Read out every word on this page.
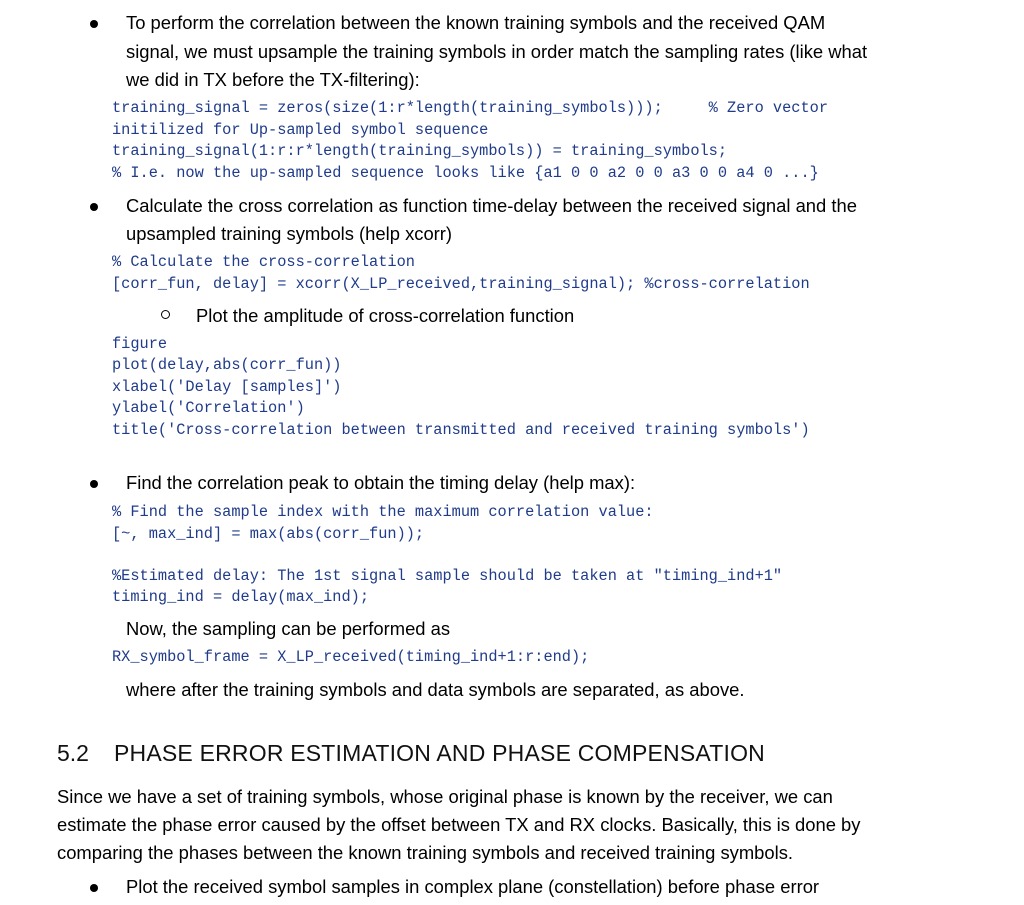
To perform the correlation between the known training symbols and the received QAM
signal, we must upsample the training symbols in order match the sampling rates (like what
we did in TX before the TX-filtering):
training_signal = zeros(size(1:r*length(training_symbols)));     % Zero vector
initilized for Up-sampled symbol sequence
training_signal(1:r:r*length(training_symbols)) = training_symbols;
% I.e. now the up-sampled sequence looks like {a1 0 0 a2 0 0 a3 0 0 a4 0 ...}
Calculate the cross correlation as function time-delay between the received signal and the
upsampled training symbols (help xcorr)
% Calculate the cross-correlation
[corr_fun, delay] = xcorr(X_LP_received,training_signal); %cross-correlation
Plot the amplitude of cross-correlation function
figure
plot(delay,abs(corr_fun))
xlabel('Delay [samples]')
ylabel('Correlation')
title('Cross-correlation between transmitted and received training symbols')
Find the correlation peak to obtain the timing delay (help max):
% Find the sample index with the maximum correlation value:
[~, max_ind] = max(abs(corr_fun));
%Estimated delay: The 1st signal sample should be taken at "timing_ind+1"
timing_ind = delay(max_ind);
Now, the sampling can be performed as
RX_symbol_frame = X_LP_received(timing_ind+1:r:end);
where after the training symbols and data symbols are separated, as above.
5.2 PHASE ERROR ESTIMATION AND PHASE COMPENSATION
Since we have a set of training symbols, whose original phase is known by the receiver, we can
estimate the phase error caused by the offset between TX and RX clocks. Basically, this is done by
comparing the phases between the known training symbols and received training symbols.
Plot the received symbol samples in complex plane (constellation) before phase error
